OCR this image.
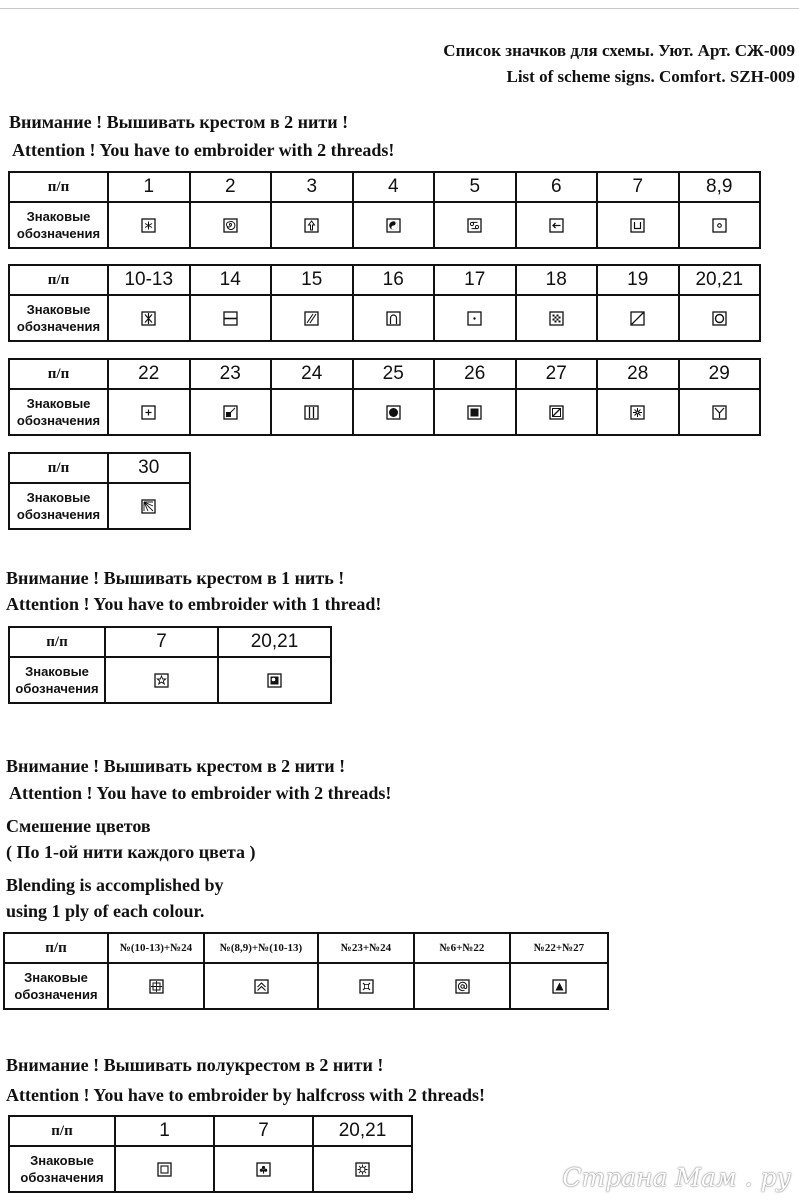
Список значков для схемы. Уют. Арт. СЖ-009
List of scheme signs. Comfort. SZH-009
Внимание ! Вышивать крестом в 2 нити !
Attention ! You have to embroider with 2 threads!
п/п	1	2	3	4	5	6	7	8,9

Знаковые
обозначения

п/п	10-13	14	15	16	17	18	19	20,21

Знаковые
обозначения

п/п	22	23	24	25	26	27	28	29

Знаковые
обозначения

п/п	30

Знаковые
обозначения

Внимание ! Вышивать крестом в 1 нить !
Attention ! You have to embroider with 1 thread!
п/п	7	20,21

Знаковые
обозначения

Внимание ! Вышивать крестом в 2 нити !
Attention ! You have to embroider with 2 threads!
Смешение цветов
( По 1-ой нити каждого цвета )
Blending is accomplished by
using 1 ply of each colour.
п/п	№(10-13)+№24	№(8,9)+№(10-13)	№23+№24	№6+№22	№22+№27

Знаковые
обозначения

Внимание ! Вышивать полукрестом в 2 нити !
Attention ! You have to embroider by halfcross with 2 threads!
п/п	1	7	20,21

Знаковые
обозначения

		Страна Мам . ру
